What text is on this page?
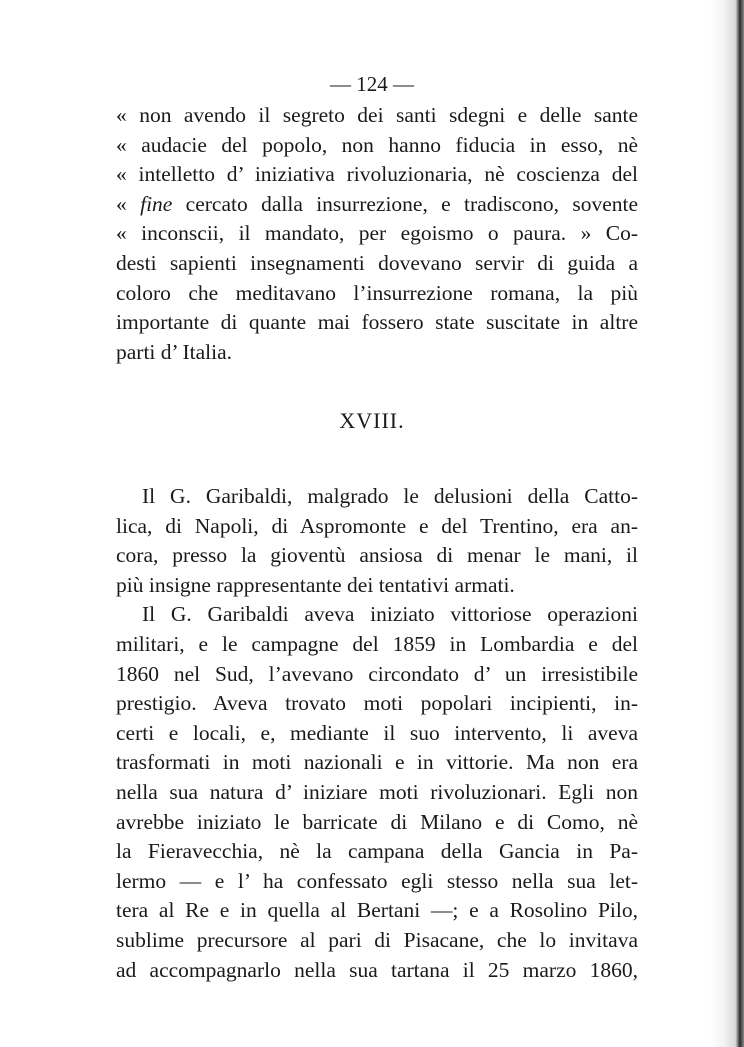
— 124 —
« non avendo il segreto dei santi sdegni e delle sante
« audacie del popolo, non hanno fiducia in esso, nè
« intelletto d’ iniziativa rivoluzionaria, nè coscienza del
« fine cercato dalla insurrezione, e tradiscono, sovente
« inconscii, il mandato, per egoismo o paura. » Co-
desti sapienti insegnamenti dovevano servir di guida a
coloro che meditavano l’insurrezione romana, la più
importante di quante mai fossero state suscitate in altre
parti d’ Italia.
XVIII.
Il G. Garibaldi, malgrado le delusioni della Catto-
lica, di Napoli, di Aspromonte e del Trentino, era an-
cora, presso la gioventù ansiosa di menar le mani, il
più insigne rappresentante dei tentativi armati.
Il G. Garibaldi aveva iniziato vittoriose operazioni
militari, e le campagne del 1859 in Lombardia e del
1860 nel Sud, l’avevano circondato d’ un irresistibile
prestigio. Aveva trovato moti popolari incipienti, in-
certi e locali, e, mediante il suo intervento, li aveva
trasformati in moti nazionali e in vittorie. Ma non era
nella sua natura d’ iniziare moti rivoluzionari. Egli non
avrebbe iniziato le barricate di Milano e di Como, nè
la Fieravecchia, nè la campana della Gancia in Pa-
lermo — e l’ ha confessato egli stesso nella sua let-
tera al Re e in quella al Bertani —; e a Rosolino Pilo,
sublime precursore al pari di Pisacane, che lo invitava
ad accompagnarlo nella sua tartana il 25 marzo 1860,
